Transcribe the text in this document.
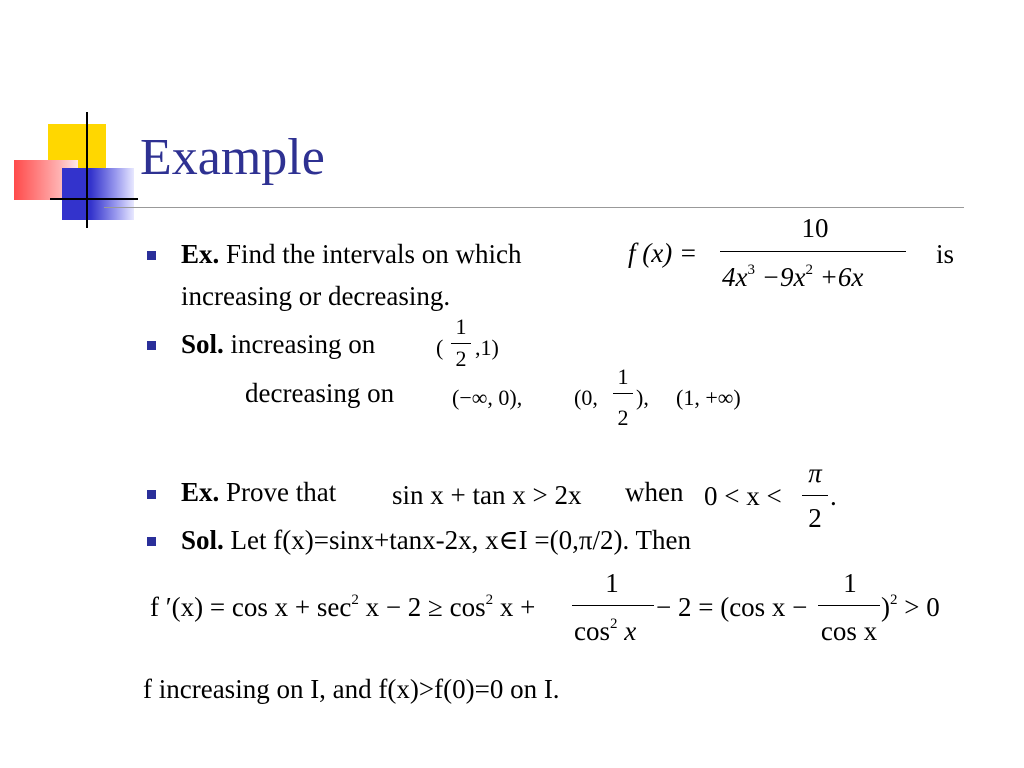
Example
Ex. Find the intervals on which	f (x) =
10
$4x^3 -9x^2 +6x$
is
increasing or decreasing.
Sol. increasing on	(
1
2 ,1)
decreasing on	(−∞, 0), (0,
1
2
), (1, +∞)
Ex. Prove that sin x + tan x > 2x when 0 < x <
π
2
.
Sol. Let f(x)=sinx+tanx-2x, x∈I =(0,π/2). Then
f $'(x) = \cos x + \sec^2 x - 2 \ge \cos^2 x$ +
1
$\cos^2 x$
− 2 = (cos x −
1
cos x
)$^2$ > 0
f increasing on I, and f(x)>f(0)=0 on I.
